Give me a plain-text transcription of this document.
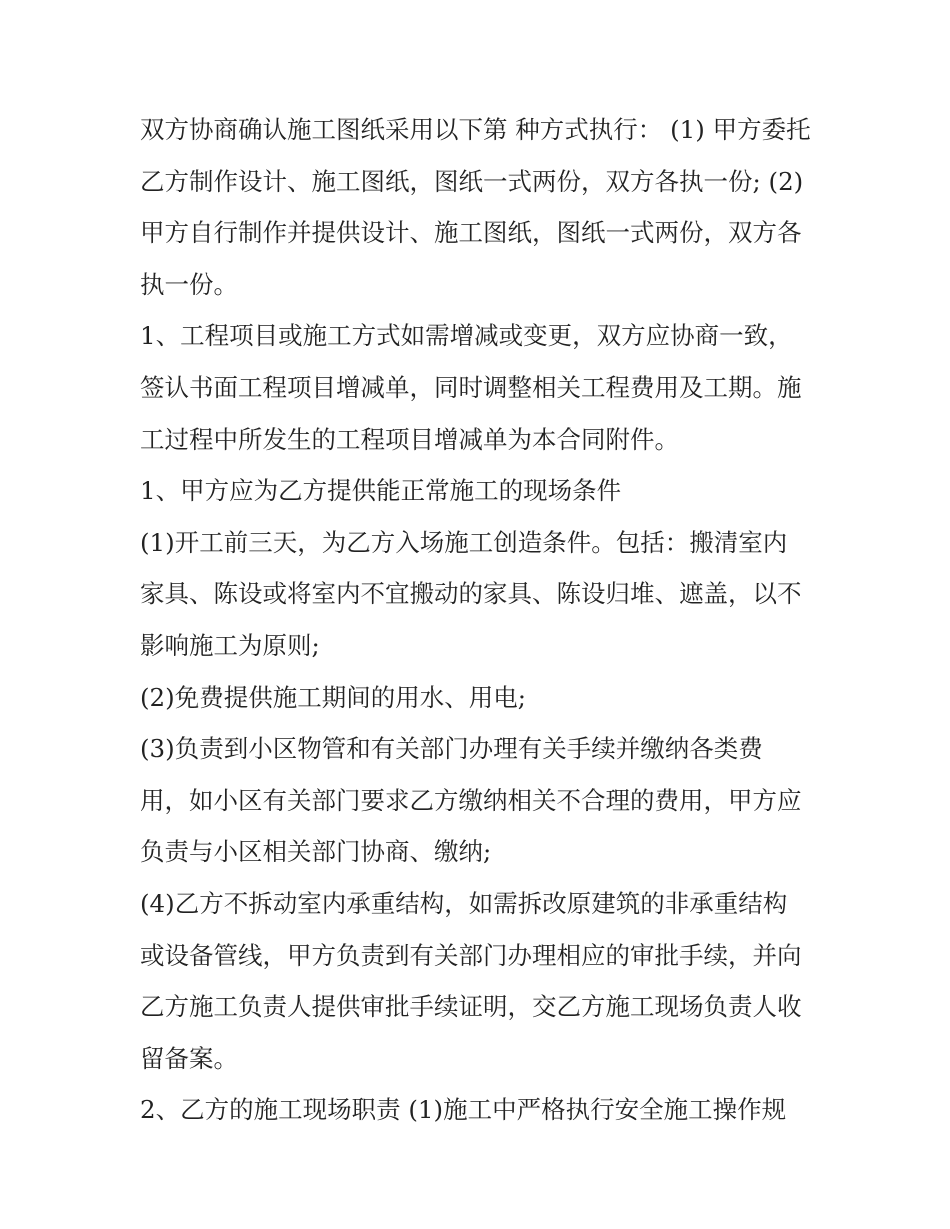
双方协商确认施工图纸采用以下第 种方式执行： (1) 甲方委托
乙方制作设计、施工图纸，图纸一式两份，双方各执一份; (2)
甲方自行制作并提供设计、施工图纸，图纸一式两份，双方各
执一份。
1、工程项目或施工方式如需增减或变更，双方应协商一致，
签认书面工程项目增减单，同时调整相关工程费用及工期。施
工过程中所发生的工程项目增减单为本合同附件。
1、甲方应为乙方提供能正常施工的现场条件
(1)开工前三天，为乙方入场施工创造条件。包括：搬清室内
家具、陈设或将室内不宜搬动的家具、陈设归堆、遮盖，以不
影响施工为原则;
(2)免费提供施工期间的用水、用电;
(3)负责到小区物管和有关部门办理有关手续并缴纳各类费
用，如小区有关部门要求乙方缴纳相关不合理的费用，甲方应
负责与小区相关部门协商、缴纳;
(4)乙方不拆动室内承重结构，如需拆改原建筑的非承重结构
或设备管线，甲方负责到有关部门办理相应的审批手续，并向
乙方施工负责人提供审批手续证明，交乙方施工现场负责人收
留备案。
2、乙方的施工现场职责 (1)施工中严格执行安全施工操作规
